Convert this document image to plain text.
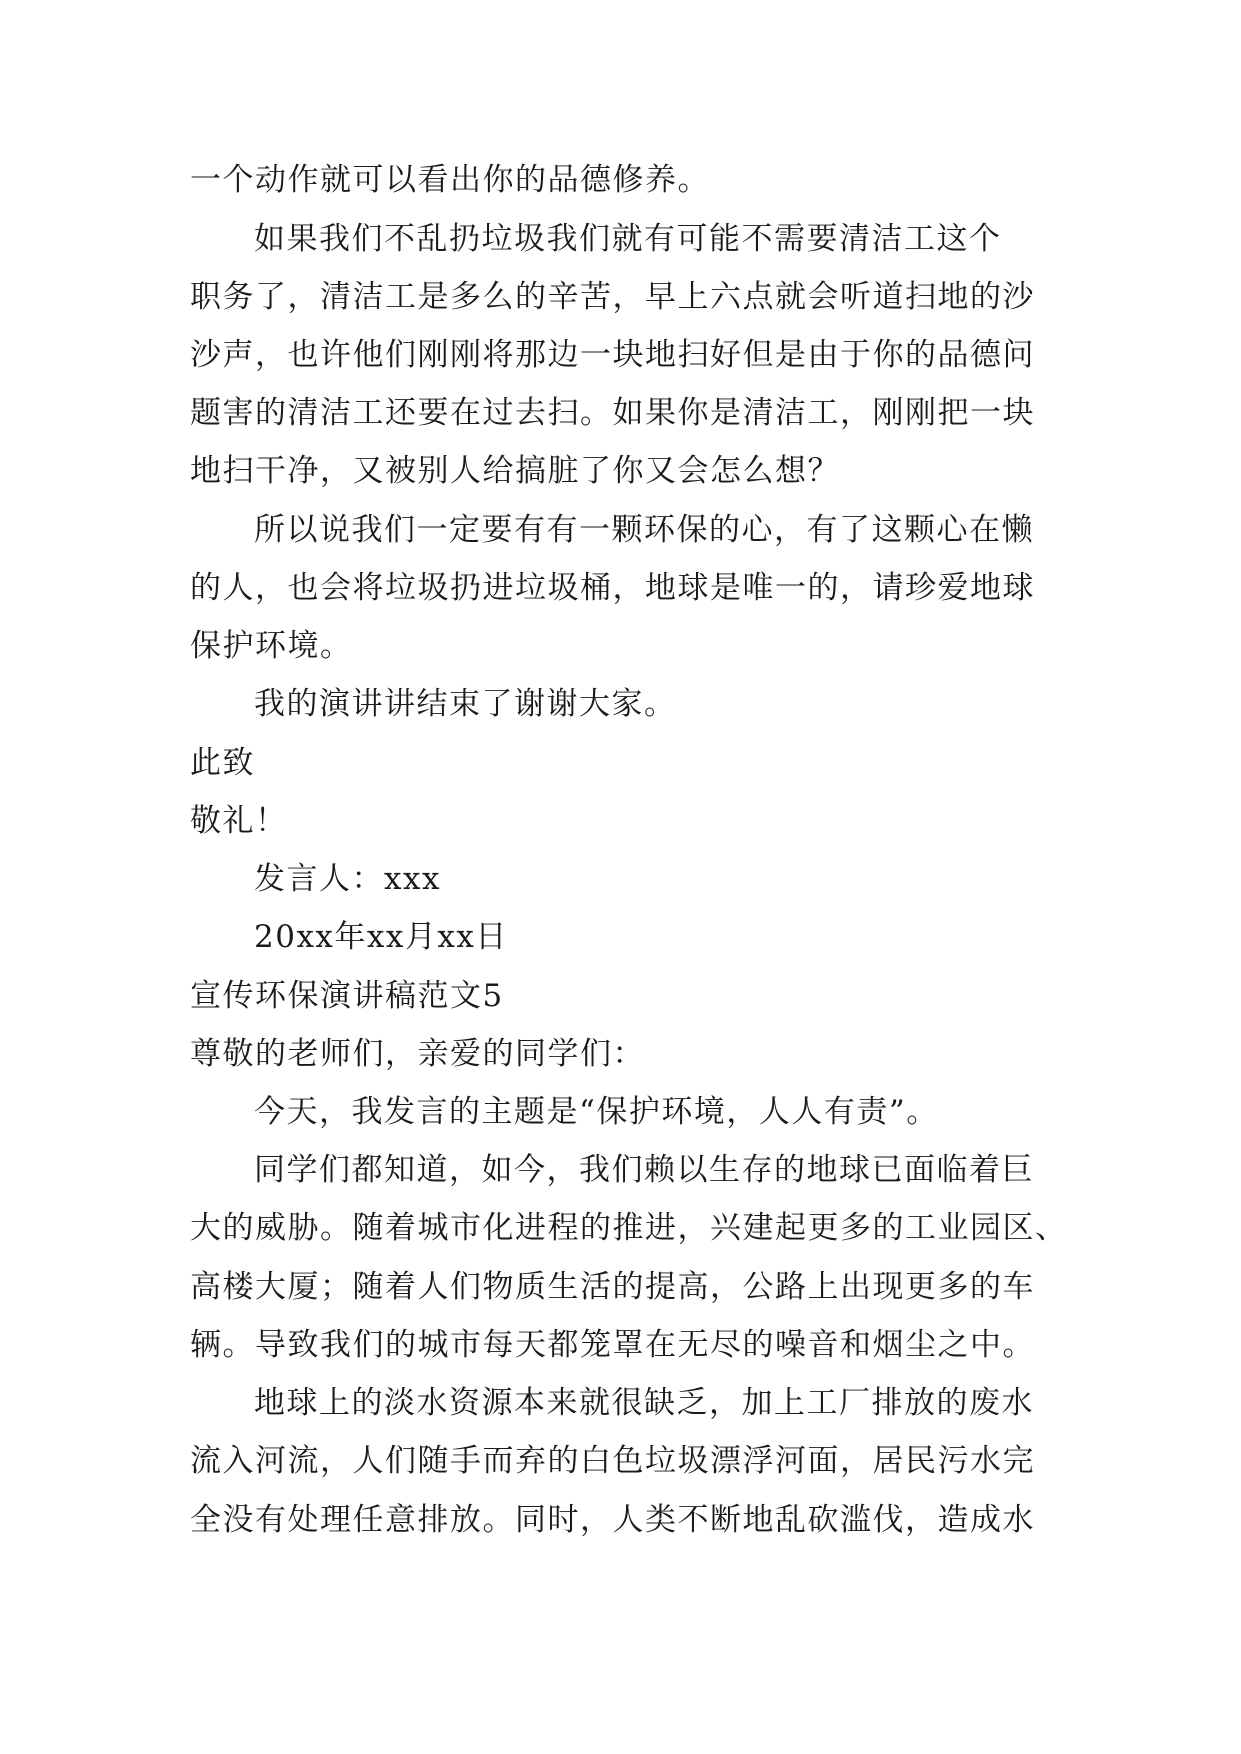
一个动作就可以看出你的品德修养。

如果我们不乱扔垃圾我们就有可能不需要清洁工这个

职务了，清洁工是多么的辛苦，早上六点就会听道扫地的沙

沙声，也许他们刚刚将那边一块地扫好但是由于你的品德问

题害的清洁工还要在过去扫。如果你是清洁工，刚刚把一块

地扫干净，又被别人给搞脏了你又会怎么想？

所以说我们一定要有有一颗环保的心，有了这颗心在懒

的人，也会将垃圾扔进垃圾桶，地球是唯一的，请珍爱地球

保护环境。

我的演讲讲结束了谢谢大家。

此致

敬礼！

发言人：xxx

20xx年xx月xx日

宣传环保演讲稿范文5

尊敬的老师们，亲爱的同学们：

今天，我发言的主题是“保护环境，人人有责”。

同学们都知道，如今，我们赖以生存的地球已面临着巨

大的威胁。随着城市化进程的推进，兴建起更多的工业园区、

高楼大厦；随着人们物质生活的提高，公路上出现更多的车

辆。导致我们的城市每天都笼罩在无尽的噪音和烟尘之中。

地球上的淡水资源本来就很缺乏，加上工厂排放的废水

流入河流，人们随手而弃的白色垃圾漂浮河面，居民污水完

全没有处理任意排放。同时，人类不断地乱砍滥伐，造成水
